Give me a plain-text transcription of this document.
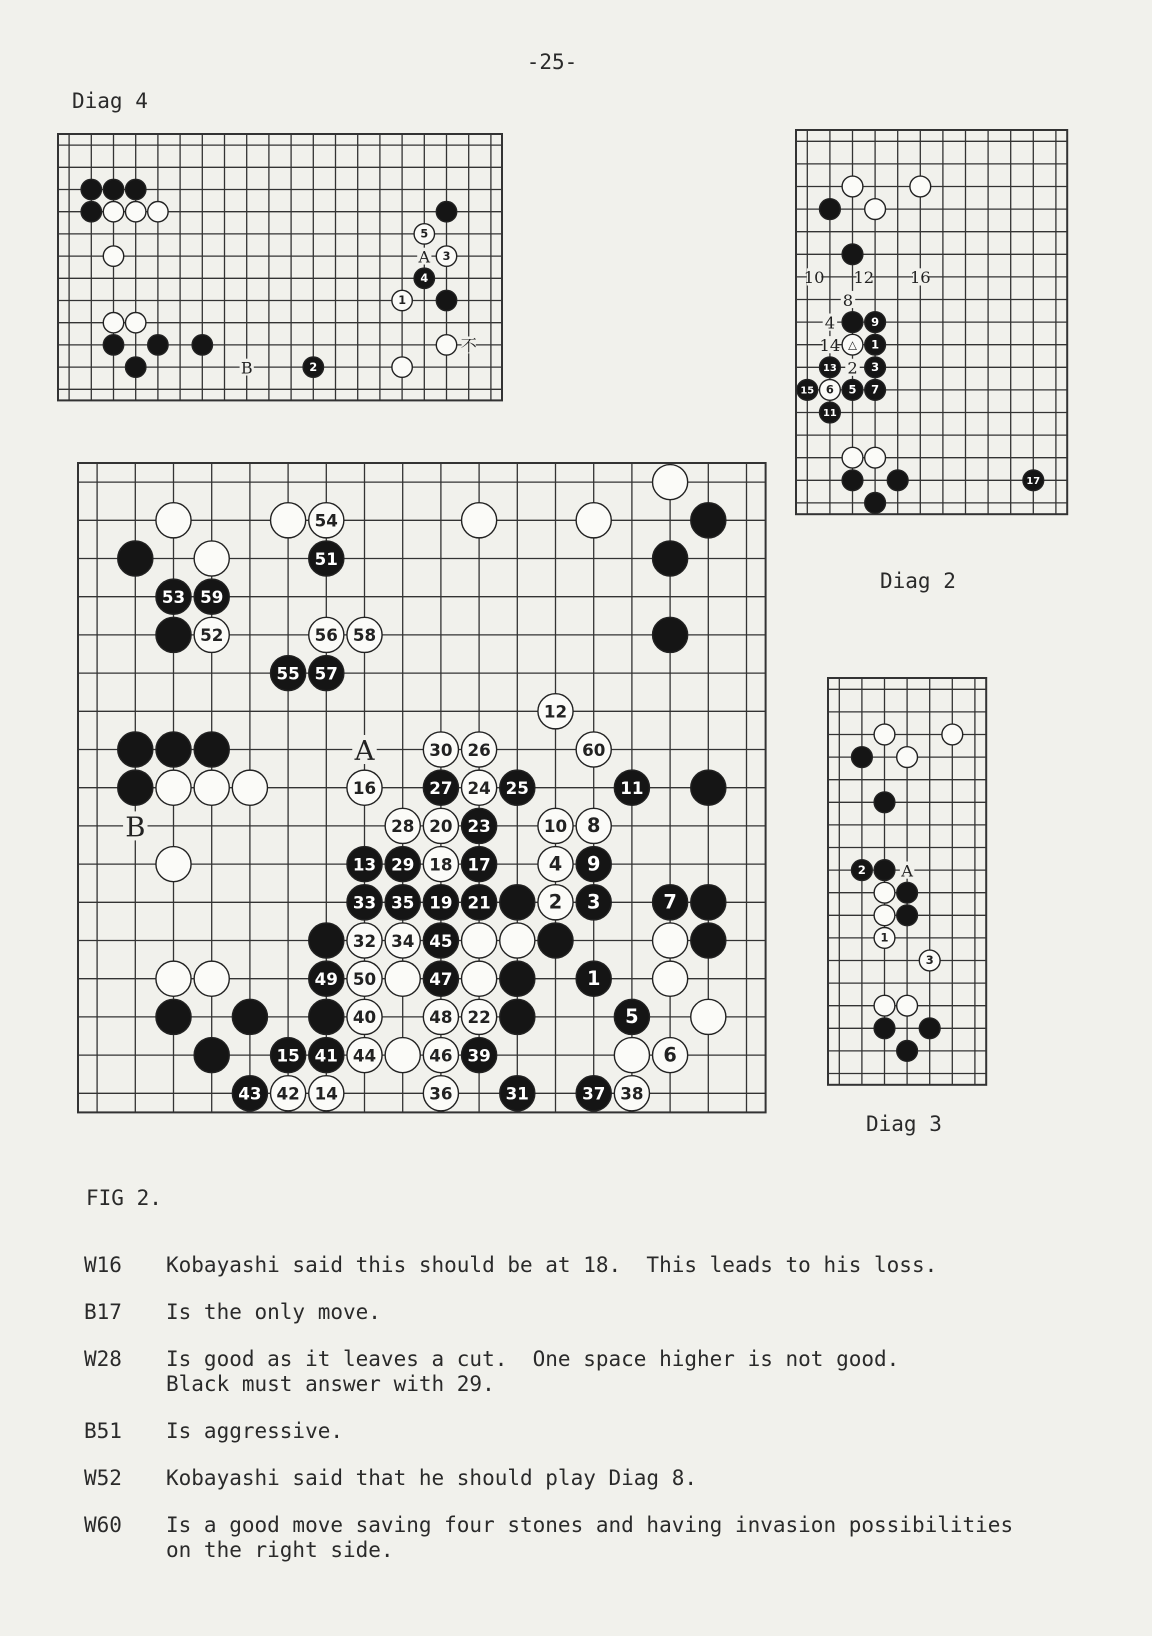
-25-
Diag 4
5
3
4
1
2
A
B
不
9
△ 1
13	3
15 6 5 7
11
17
10 12 16
8
4
14
2
Diag 2
2
1
3
A
Diag 3
54
51
53 59
52	56 58
55 57
12
30 26	60
16	27 24 25	11
28 20 23	10 8
13 29 18 17	4 9
33 35 19 21	2 3	7
32 34 45
49 50	47	1
40	48 22	5
15 41 44	46 39	6
43 42 14	36	31	37 38
A
B
FIG 2.
W16	Kobayashi said this should be at 18.  This leads to his loss.
B17	Is the only move.
W28	Is good as it leaves a cut.  One space higher is not good.
Black must answer with 29.
B51	Is aggressive.
W52	Kobayashi said that he should play Diag 8.
W60	Is a good move saving four stones and having invasion possibilities
on the right side.
